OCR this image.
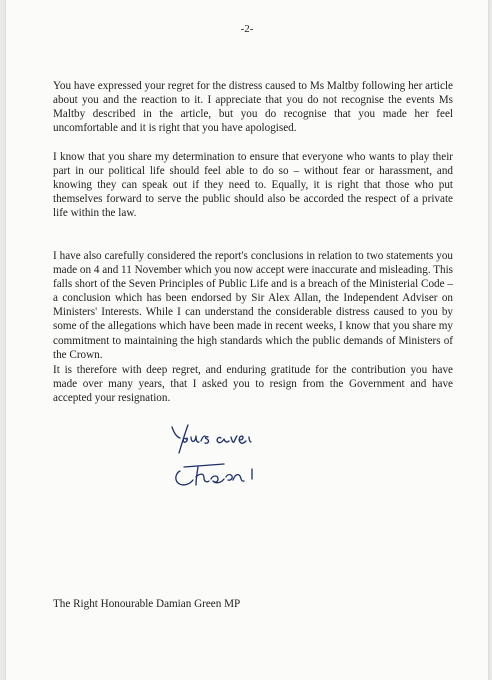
-2-

You have expressed your regret for the distress caused to Ms Maltby following her article about you and the reaction to it. I appreciate that you do not recognise the events Ms Maltby described in the article, but you do recognise that you made her feel uncomfortable and it is right that you have apologised.

I know that you share my determination to ensure that everyone who wants to play their part in our political life should feel able to do so – without fear or harassment, and knowing they can speak out if they need to. Equally, it is right that those who put themselves forward to serve the public should also be accorded the respect of a private life within the law.

I have also carefully considered the report's conclusions in relation to two statements you made on 4 and 11 November which you now accept were inaccurate and misleading. This falls short of the Seven Principles of Public Life and is a breach of the Ministerial Code – a conclusion which has been endorsed by Sir Alex Allan, the Independent Adviser on Ministers' Interests. While I can understand the considerable distress caused to you by some of the allegations which have been made in recent weeks, I know that you share my commitment to maintaining the high standards which the public demands of Ministers of the Crown.

It is therefore with deep regret, and enduring gratitude for the contribution you have made over many years, that I asked you to resign from the Government and have accepted your resignation.

The Right Honourable Damian Green MP
